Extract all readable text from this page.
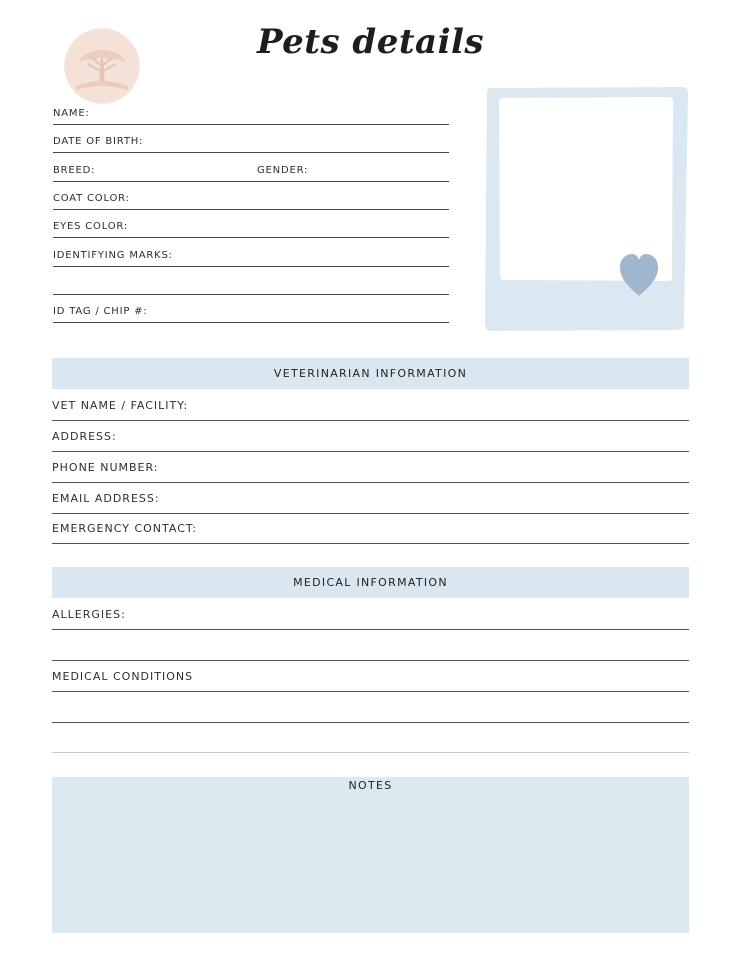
Pets details
NAME:
DATE OF BIRTH:
BREED:	GENDER:
COAT COLOR:
EYES COLOR:
IDENTIFYING MARKS:
ID TAG / CHIP #:
VETERINARIAN INFORMATION
VET NAME / FACILITY:
ADDRESS:
PHONE NUMBER:
EMAIL ADDRESS:
EMERGENCY CONTACT:
MEDICAL INFORMATION
ALLERGIES:
MEDICAL CONDITIONS
NOTES
